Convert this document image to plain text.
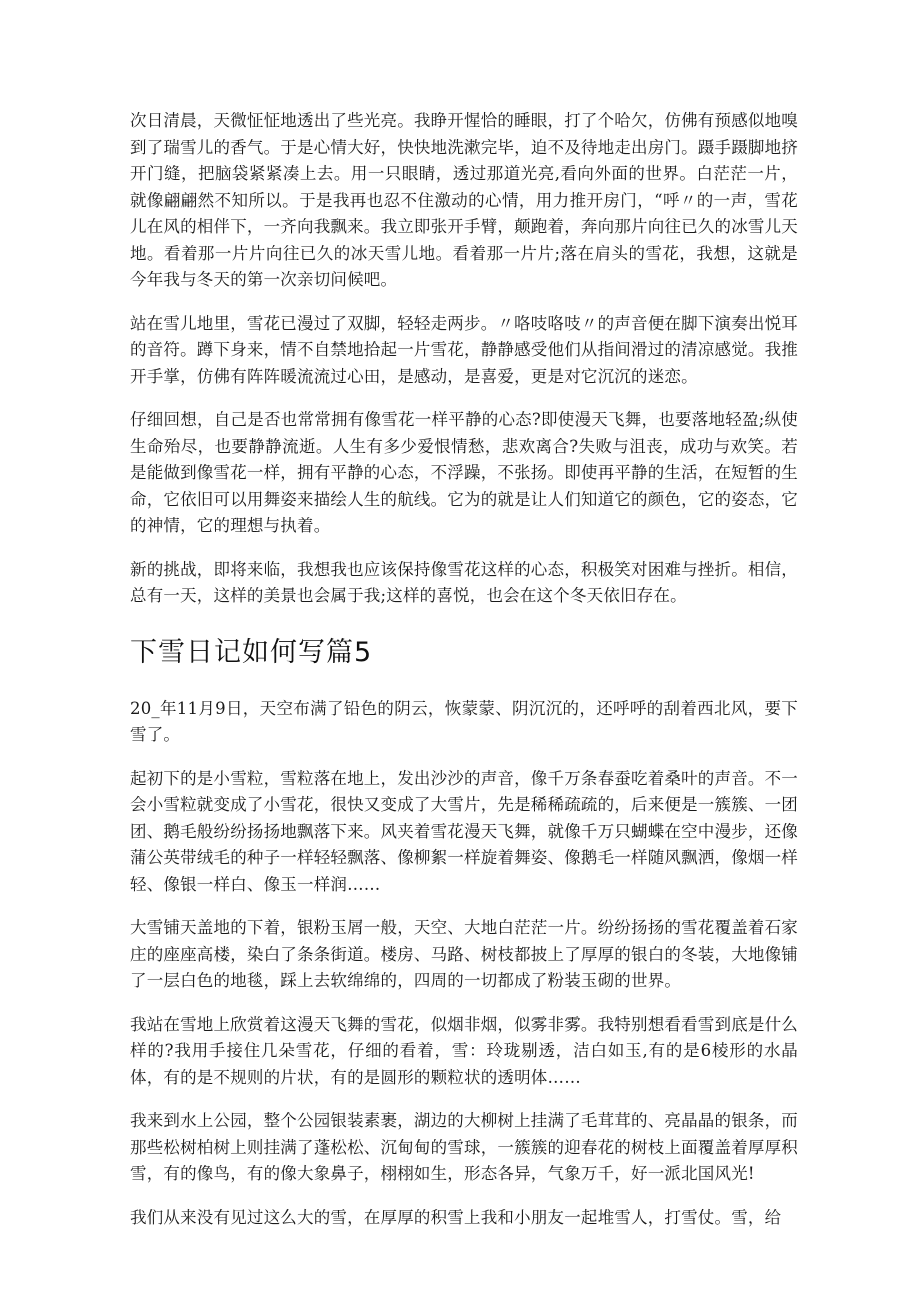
次日清晨，天微怔怔地透出了些光亮。我睁开惺恰的睡眼，打了个哈欠，仿佛有预感似地嗅到了瑞雪儿的香气。于是心情大好，快快地洗漱完毕，迫不及待地走出房门。蹑手蹑脚地挤开门缝，把脑袋紧紧凑上去。用一只眼睛，透过那道光亮,看向外面的世界。白茫茫一片，就像翩翩然不知所以。于是我再也忍不住激动的心情，用力推开房门，“呼〃的一声，雪花儿在风的相伴下，一齐向我飘来。我立即张开手臂，颠跑着，奔向那片向往已久的冰雪儿天地。看着那一片片向往已久的冰天雪儿地。看着那一片片;落在肩头的雪花，我想，这就是今年我与冬天的第一次亲切问候吧。

站在雪儿地里，雪花已漫过了双脚，轻轻走两步。〃咯吱咯吱〃的声音便在脚下演奏出悦耳的音符。蹲下身来，情不自禁地拾起一片雪花，静静感受他们从指间滑过的清凉感觉。我推开手掌，仿佛有阵阵暖流流过心田，是感动，是喜爱，更是对它沉沉的迷恋。

仔细回想，自己是否也常常拥有像雪花一样平静的心态?即使漫天飞舞，也要落地轻盈;纵使生命殆尽，也要静静流逝。人生有多少爱恨情愁，悲欢离合?失败与沮丧，成功与欢笑。若是能做到像雪花一样，拥有平静的心态，不浮躁，不张扬。即使再平静的生活，在短暂的生命，它依旧可以用舞姿来描绘人生的航线。它为的就是让人们知道它的颜色，它的姿态，它的神情，它的理想与执着。

新的挑战，即将来临，我想我也应该保持像雪花这样的心态，积极笑对困难与挫折。相信，总有一天，这样的美景也会属于我;这样的喜悦，也会在这个冬天依旧存在。

下雪日记如何写篇5

20_年11月9日，天空布满了铅色的阴云，恢蒙蒙、阴沉沉的，还呼呼的刮着西北风，要下雪了。

起初下的是小雪粒，雪粒落在地上，发出沙沙的声音，像千万条春蚕吃着桑叶的声音。不一会小雪粒就变成了小雪花，很快又变成了大雪片，先是稀稀疏疏的，后来便是一簇簇、一团团、鹅毛般纷纷扬扬地飘落下来。风夹着雪花漫天飞舞，就像千万只蝴蝶在空中漫步，还像蒲公英带绒毛的种子一样轻轻飘落、像柳絮一样旋着舞姿、像鹅毛一样随风飘洒，像烟一样轻、像银一样白、像玉一样润……

大雪铺天盖地的下着，银粉玉屑一般，天空、大地白茫茫一片。纷纷扬扬的雪花覆盖着石家庄的座座高楼，染白了条条街道。楼房、马路、树枝都披上了厚厚的银白的冬装，大地像铺了一层白色的地毯，踩上去软绵绵的，四周的一切都成了粉装玉砌的世界。

我站在雪地上欣赏着这漫天飞舞的雪花，似烟非烟，似雾非雾。我特别想看看雪到底是什么样的?我用手接住几朵雪花，仔细的看着，雪：玲珑剔透，洁白如玉,有的是6棱形的水晶体，有的是不规则的片状，有的是圆形的颗粒状的透明体……

我来到水上公园，整个公园银装素裹，湖边的大柳树上挂满了毛茸茸的、亮晶晶的银条，而那些松树柏树上则挂满了蓬松松、沉甸甸的雪球，一簇簇的迎春花的树枝上面覆盖着厚厚积雪，有的像鸟，有的像大象鼻子，栩栩如生，形态各异，气象万千，好一派北国风光!

我们从来没有见过这么大的雪，在厚厚的积雪上我和小朋友一起堆雪人，打雪仗。雪，给
